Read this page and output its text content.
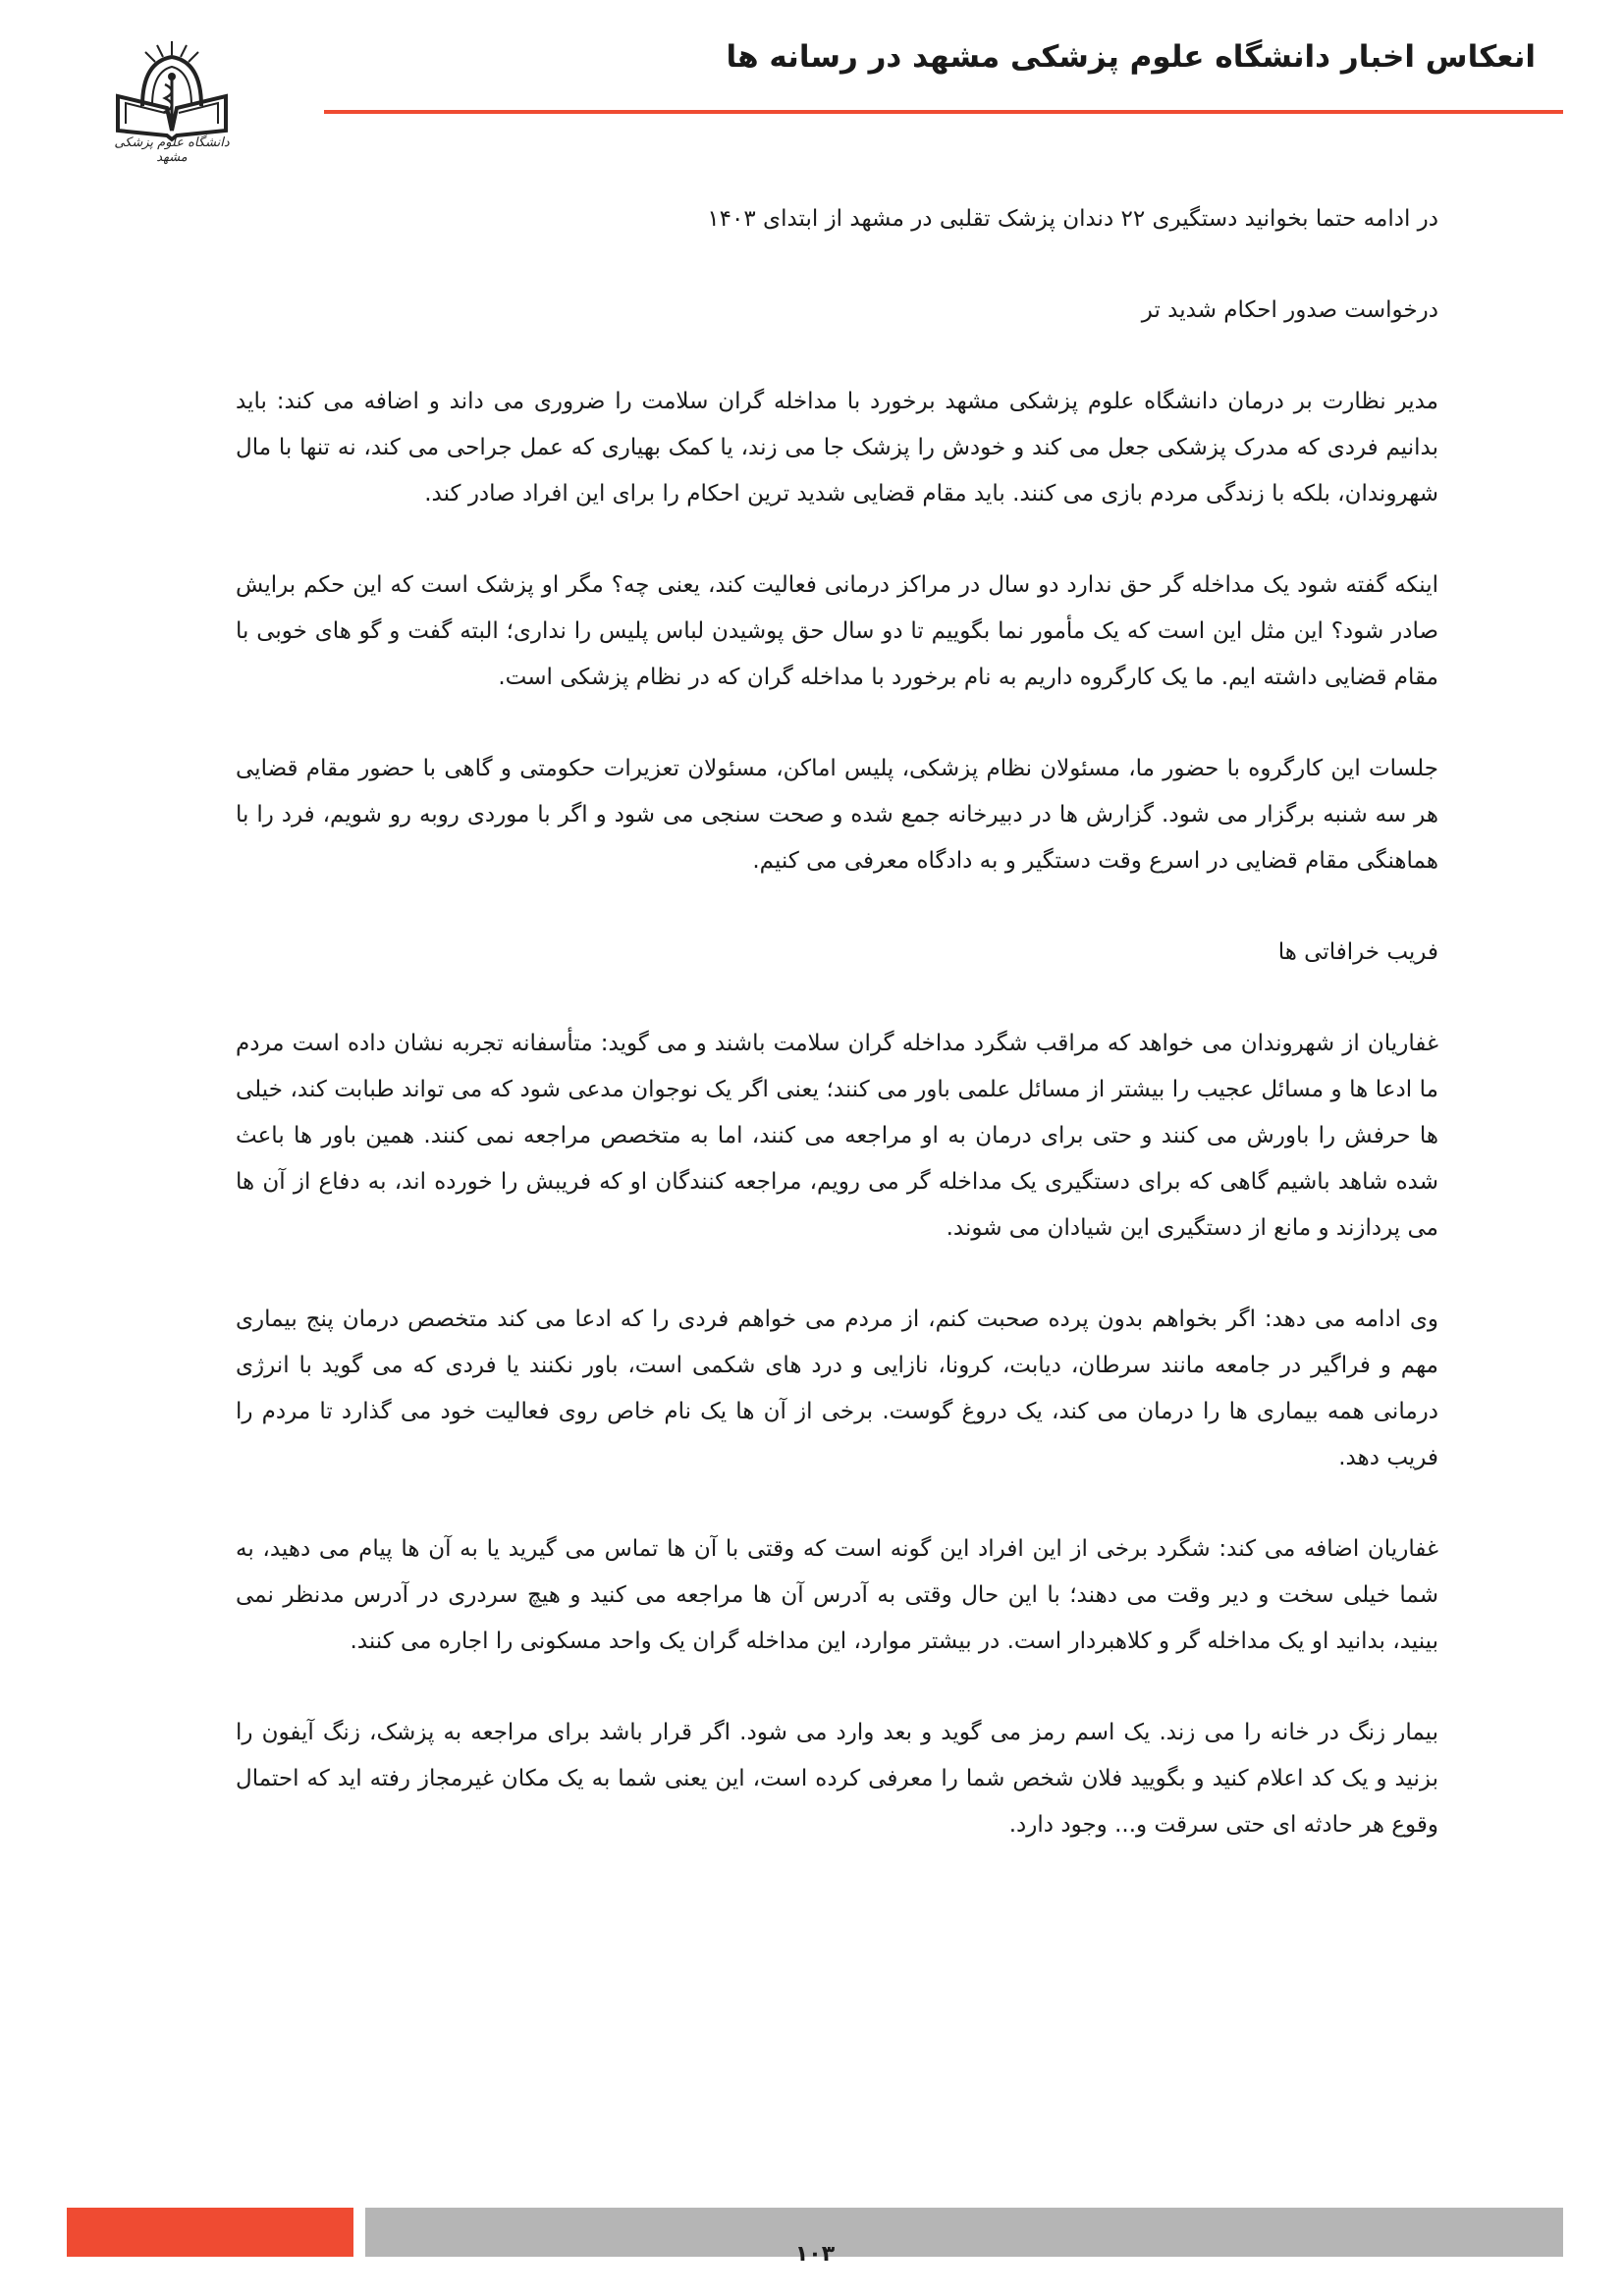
انعکاس اخبار دانشگاه علوم پزشکی مشهد در رسانه ها
دانشگاه علوم پزشکی مشهد

در ادامه حتما بخوانید دستگیری ۲۲ دندان پزشک تقلبی در مشهد از ابتدای ۱۴۰۳

درخواست صدور احکام شدید تر

مدیر نظارت بر درمان دانشگاه علوم پزشکی مشهد برخورد با مداخله گران سلامت را ضروری می داند و اضافه می کند: باید بدانیم فردی که مدرک پزشکی جعل می کند و خودش را پزشک جا می زند، یا کمک بهیاری که عمل جراحی می کند، نه تنها با مال شهروندان، بلکه با زندگی مردم بازی می کنند. باید مقام قضایی شدید ترین احکام را برای این افراد صادر کند.

اینکه گفته شود یک مداخله گر حق ندارد دو سال در مراکز درمانی فعالیت کند، یعنی چه؟ مگر او پزشک است که این حکم برایش صادر شود؟ این مثل این است که یک مأمور نما بگوییم تا دو سال حق پوشیدن لباس پلیس را نداری؛ البته گفت و گو های خوبی با مقام قضایی داشته ایم. ما یک کارگروه داریم به نام برخورد با مداخله گران که در نظام پزشکی است.

جلسات این کارگروه با حضور ما، مسئولان نظام پزشکی، پلیس اماکن، مسئولان تعزیرات حکومتی و گاهی با حضور مقام قضایی هر سه شنبه برگزار می شود. گزارش ها در دبیرخانه جمع شده و صحت سنجی می شود و اگر با موردی روبه رو شویم، فرد را با هماهنگی مقام قضایی در اسرع وقت دستگیر و به دادگاه معرفی می کنیم.

فریب خرافاتی ها

غفاریان از شهروندان می خواهد که مراقب شگرد مداخله گران سلامت باشند و می گوید: متأسفانه تجربه نشان داده است مردم ما ادعا ها و مسائل عجیب را بیشتر از مسائل علمی باور می کنند؛ یعنی اگر یک نوجوان مدعی شود که می تواند طبابت کند، خیلی ها حرفش را باورش می کنند و حتی برای درمان به او مراجعه می کنند، اما به متخصص مراجعه نمی کنند. همین باور ها باعث شده شاهد باشیم گاهی که برای دستگیری یک مداخله گر می رویم، مراجعه کنندگان او که فریبش را خورده اند، به دفاع از آن ها می پردازند و مانع از دستگیری این شیادان می شوند.

وی ادامه می دهد: اگر بخواهم بدون پرده صحبت کنم، از مردم می خواهم فردی را که ادعا می کند متخصص درمان پنج بیماری مهم و فراگیر در جامعه مانند سرطان، دیابت، کرونا، نازایی و درد های شکمی است، باور نکنند یا فردی که می گوید با انرژی درمانی همه بیماری ها را درمان می کند، یک دروغ گوست. برخی از آن ها یک نام خاص روی فعالیت خود می گذارد تا مردم را فریب دهد.

غفاریان اضافه می کند: شگرد برخی از این افراد این گونه است که وقتی با آن ها تماس می گیرید یا به آن ها پیام می دهید، به شما خیلی سخت و دیر وقت می دهند؛ با این حال وقتی به آدرس آن ها مراجعه می کنید و هیچ سردری در آدرس مدنظر نمی بینید، بدانید او یک مداخله گر و کلاهبردار است. در بیشتر موارد، این مداخله گران یک واحد مسکونی را اجاره می کنند.

بیمار زنگ در خانه را می زند. یک اسم رمز می گوید و بعد وارد می شود. اگر قرار باشد برای مراجعه به پزشک، زنگ آیفون را بزنید و یک کد اعلام کنید و بگویید فلان شخص شما را معرفی کرده است، این یعنی شما به یک مکان غیرمجاز رفته اید که احتمال وقوع هر حادثه ای حتی سرقت و... وجود دارد.

۱۰۳
